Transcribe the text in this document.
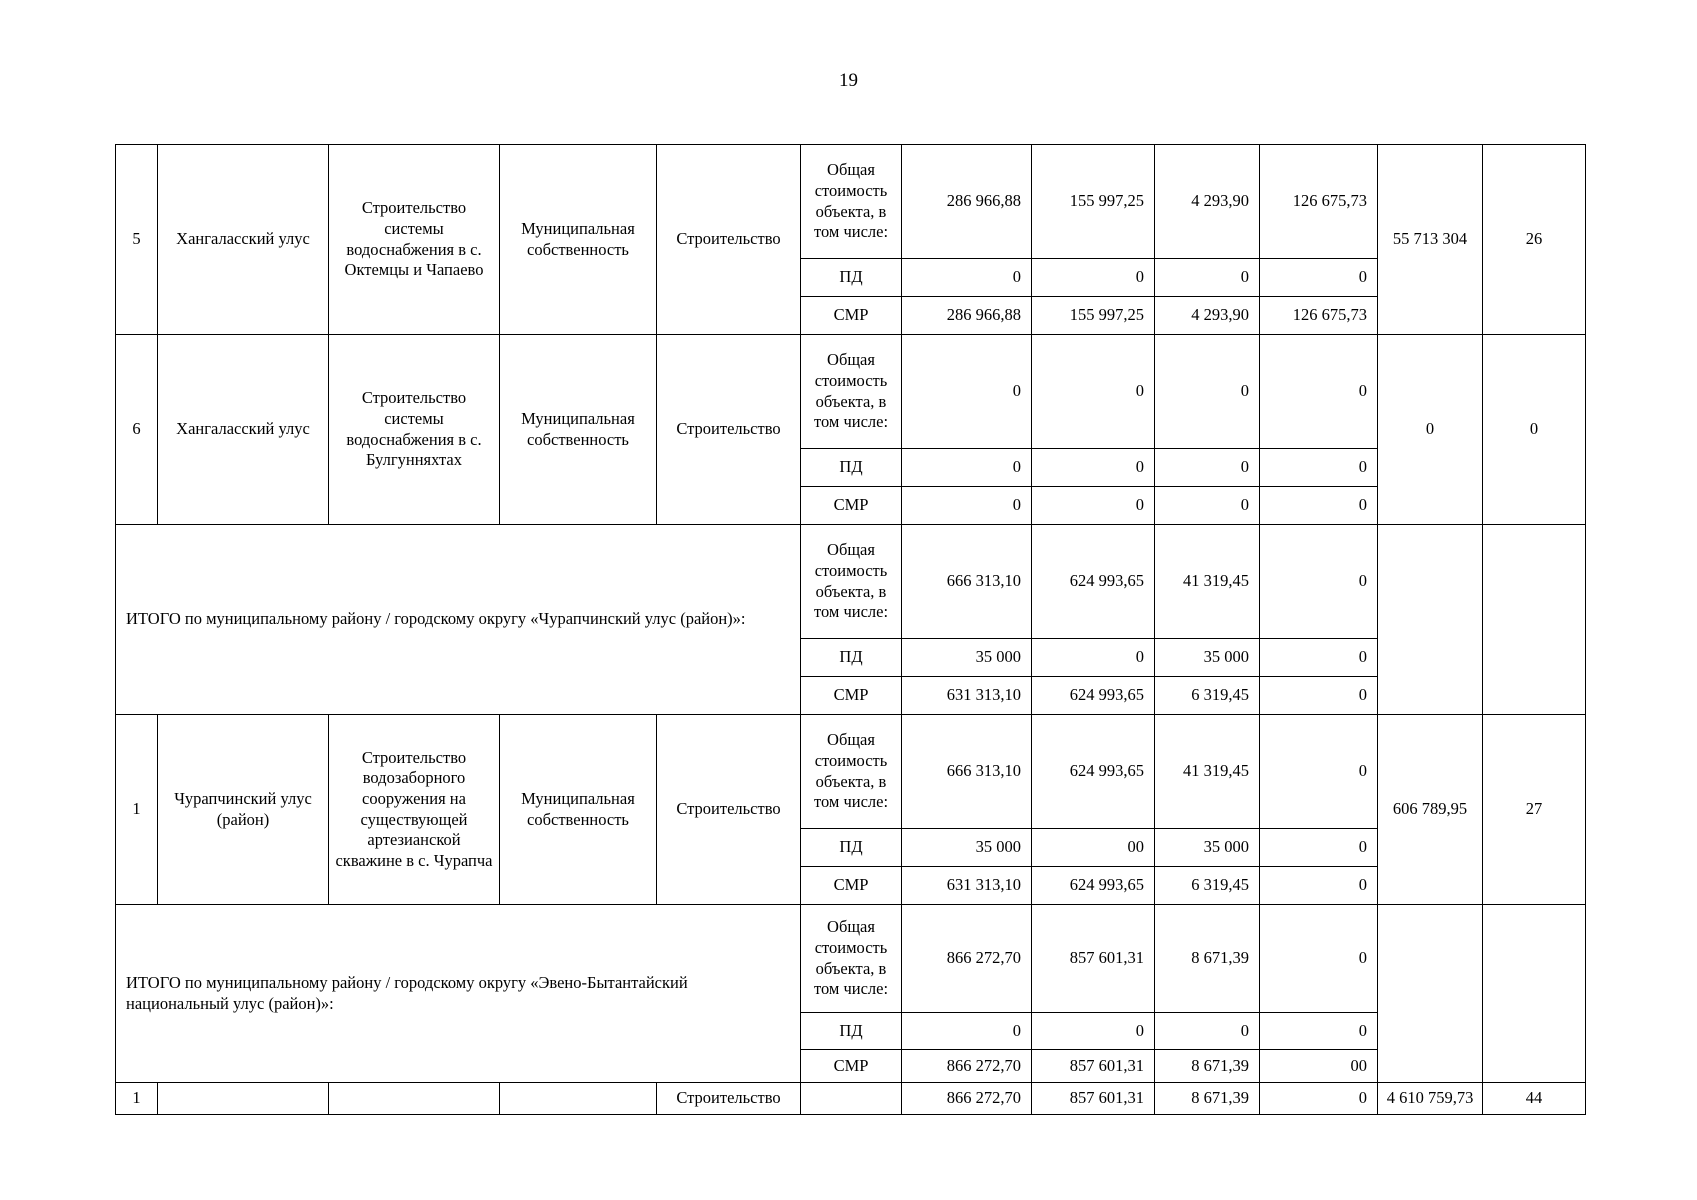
19
5	Хангаласский улус	Строительство системы водоснабжения в с. Октемцы и Чапаево	Муниципальная собственность	Строительство	Общая стоимость объекта, в том числе:	286 966,88	155 997,25	4 293,90	126 675,73	55 713 304	26
					ПД	0	0	0	0		
					СМР	286 966,88	155 997,25	4 293,90	126 675,73		
6	Хангаласский улус	Строительство системы водоснабжения в с. Булгунняхтах	Муниципальная собственность	Строительство	Общая стоимость объекта, в том числе:	0	0	0	0	0	0
					ПД	0	0	0	0		
					СМР	0	0	0	0		
ИТОГО по муниципальному району / городскому округу «Чурапчинский улус (район)»:					Общая стоимость объекта, в том числе:	666 313,10	624 993,65	41 319,45	0		
					ПД	35 000	0	35 000	0		
					СМР	631 313,10	624 993,65	6 319,45	0		
1	Чурапчинский улус (район)	Строительство водозаборного сооружения на существующей артезианской скважине в с. Чурапча	Муниципальная собственность	Строительство	Общая стоимость объекта, в том числе:	666 313,10	624 993,65	41 319,45	0	606 789,95	27
					ПД	35 000	00	35 000	0		
					СМР	631 313,10	624 993,65	6 319,45	0		
ИТОГО по муниципальному району / городскому округу «Эвено-Бытантайский национальный улус (район)»:					Общая стоимость объекта, в том числе:	866 272,70	857 601,31	8 671,39	0		
					ПД	0	0	0	0		
					СМР	866 272,70	857 601,31	8 671,39	00		
1				Строительство		866 272,70	857 601,31	8 671,39	0	4 610 759,73	44
